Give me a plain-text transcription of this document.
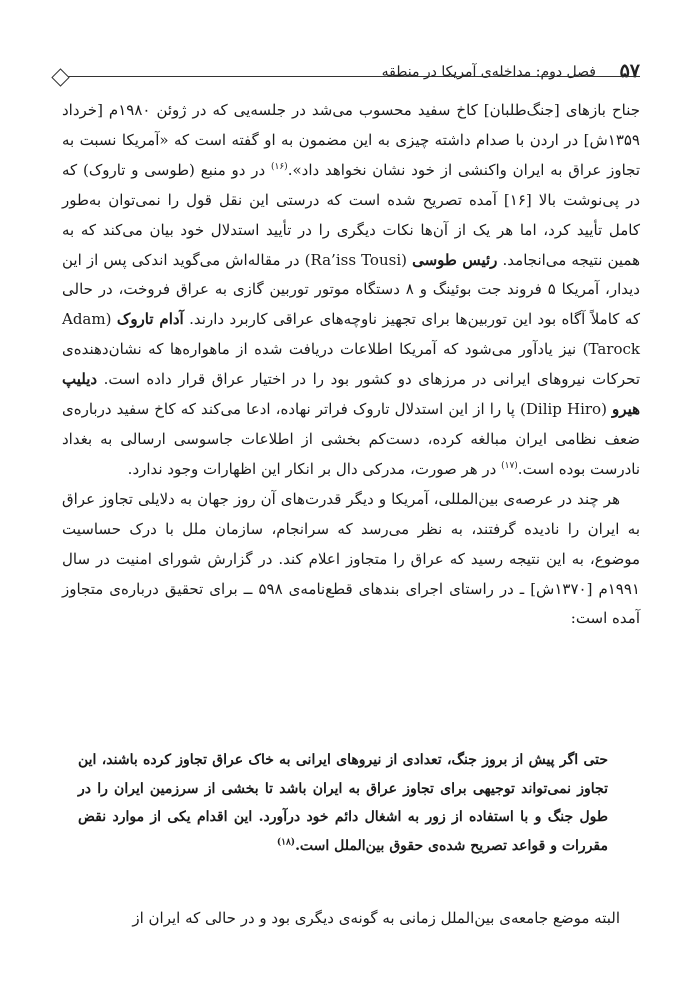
۵۷
فصل دوم: مداخله‌ی آمریکا در منطقه

جناح بازهای [جنگ‌طلبان] کاخ سفید محسوب می‌شد در جلسه‌یی که در ژوئن ۱۹۸۰م [خرداد ۱۳۵۹ش] در اردن با صدام داشته چیزی به این مضمون به او گفته است که «آمریکا نسبت به تجاوز عراق به ایران واکنشی از خود نشان نخواهد داد».$^{(۱۶)}$ در دو منبع (طوسی و تاروک) که در پی‌نوشت بالا [۱۶] آمده تصریح شده است که درستی این نقل قول را نمی‌توان به‌طور کامل تأیید کرد، اما هر یک از آن‌ها نکات دیگری را در تأیید استدلال خود بیان می‌کند که به همین نتیجه می‌انجامد. رئیس طوسی (Ra’iss Tousi) در مقاله‌اش می‌گوید اندکی پس از این دیدار، آمریکا ۵ فروند جت بوئینگ و ۸ دستگاه موتور توربین گازی به عراق فروخت، در حالی که کاملاً آگاه بود این توربین‌ها برای تجهیز ناوچه‌های عراقی کاربرد دارند. آدام تاروک (Adam Tarock) نیز یادآور می‌شود که آمریکا اطلاعات دریافت شده از ماهواره‌ها که نشان‌دهنده‌ی تحرکات نیروهای ایرانی در مرزهای دو کشور بود را در اختیار عراق قرار داده است. دیلیپ هیرو (Dilip Hiro) پا را از این استدلال تاروک فراتر نهاده، ادعا می‌کند که کاخ سفید درباره‌ی ضعف نظامی ایران مبالغه کرده، دست‌کم بخشی از اطلاعات جاسوسی ارسالی به بغداد نادرست بوده است.$^{(۱۷)}$ در هر صورت، مدرکی دال بر انکار این اظهارات وجود ندارد.

هر چند در عرصه‌ی بین‌المللی، آمریکا و دیگر قدرت‌های آن روز جهان به دلایلی تجاوز عراق به ایران را نادیده گرفتند، به نظر می‌رسد که سرانجام، سازمان ملل با درک حساسیت موضوع، به این نتیجه رسید که عراق را متجاوز اعلام کند. در گزارش شورای امنیت در سال ۱۹۹۱م [۱۳۷۰ش] ـ در راستای اجرای بندهای قطع‌نامه‌ی ۵۹۸ ــ برای تحقیق درباره‌ی متجاوز آمده است:

حتی اگر پیش از بروز جنگ، تعدادی از نیروهای ایرانی به خاک عراق تجاوز کرده باشند، این تجاوز نمی‌تواند توجیهی برای تجاوز عراق به ایران باشد تا بخشی از سرزمین ایران را در طول جنگ و با استفاده از زور به اشغال دائم خود درآورد. این اقدام یکی از موارد نقض مقررات و قواعد تصریح شده‌ی حقوق بین‌الملل است.$^{(۱۸)}$

البته موضع جامعه‌ی بین‌الملل زمانی به گونه‌ی دیگری بود و در حالی که ایران از
